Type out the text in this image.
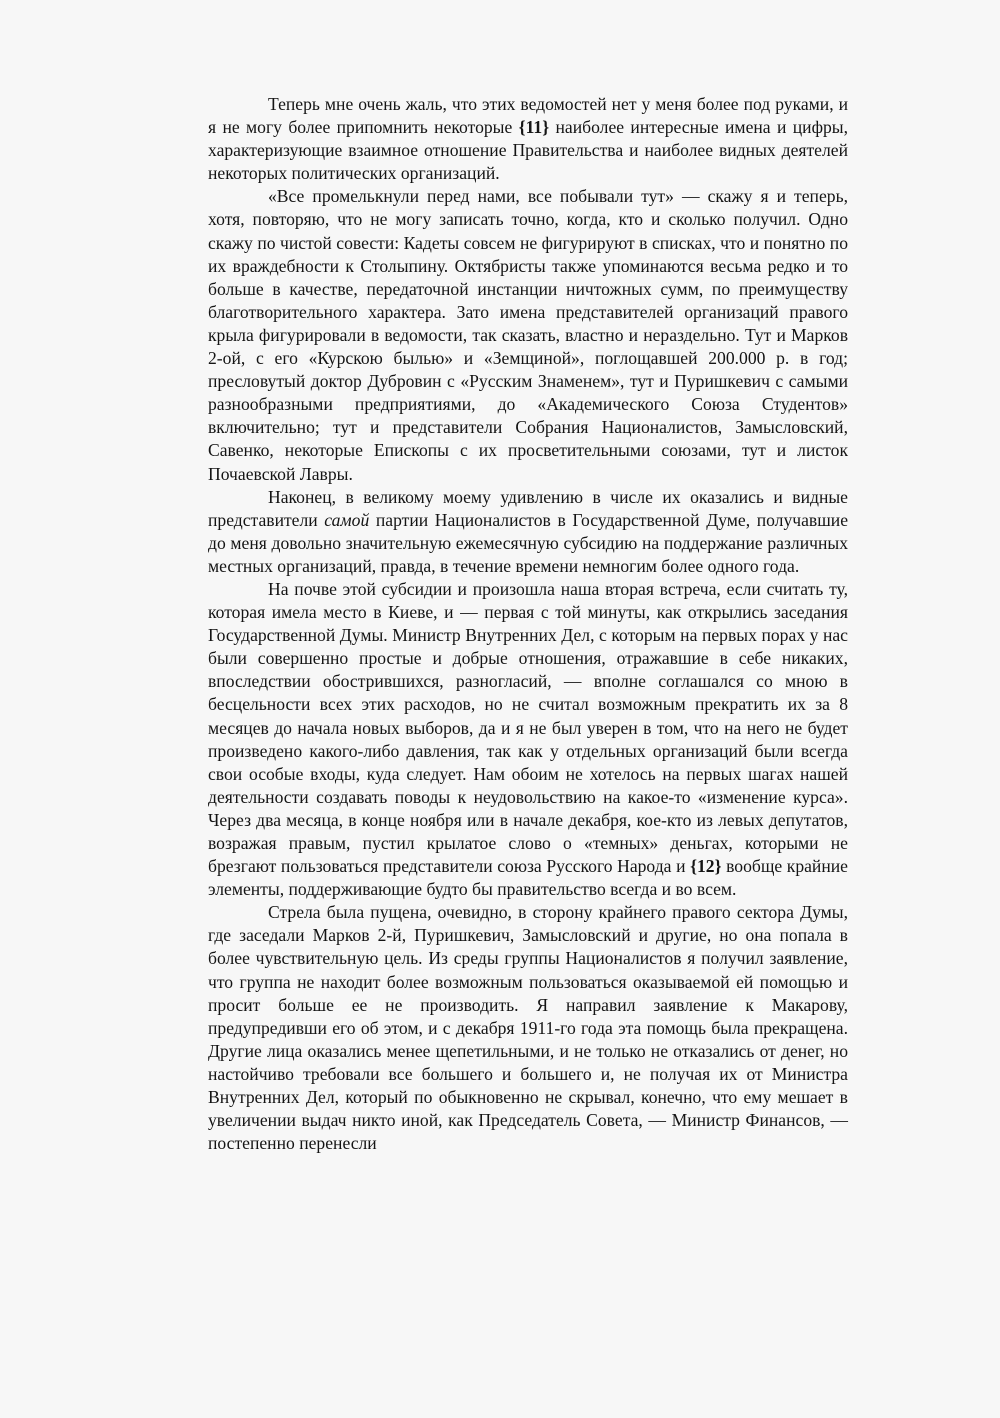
Теперь мне очень жаль, что этих ведомостей нет у меня более под руками, и я не могу более припомнить некоторые {11} наиболее интересные имена и цифры, характеризующие взаимное отношение Правительства и наиболее видных деятелей некоторых политических организаций.

«Все промелькнули перед нами, все побывали тут» — скажу я и теперь, хотя, повторяю, что не могу записать точно, когда, кто и сколько получил. Одно скажу по чистой совести: Кадеты совсем не фигурируют в списках, что и понятно по их враждебности к Столыпину. Октябристы также упоминаются весьма редко и то больше в качестве, передаточной инстанции ничтожных сумм, по преимуществу благотворительного характера. Зато имена представителей организаций правого крыла фигурировали в ведомости, так сказать, властно и нераздельно. Тут и Марков 2-ой, с его «Курскою былью» и «Земщиной», поглощавшей 200.000 р. в год; пресловутый доктор Дубровин с «Русским Знаменем», тут и Пуришкевич с самыми разнообразными предприятиями, до «Академического Союза Студентов» включительно; тут и представители Собрания Националистов, Замысловский, Савенко, некоторые Епископы с их просветительными союзами, тут и листок Почаевской Лавры.

Наконец, в великому моему удивлению в числе их оказались и видные представители самой партии Националистов в Государственной Думе, получавшие до меня довольно значительную ежемесячную субсидию на поддержание различных местных организаций, правда, в течение времени немногим более одного года.

На почве этой субсидии и произошла наша вторая встреча, если считать ту, которая имела место в Киеве, и — первая с той минуты, как открылись заседания Государственной Думы. Министр Внутренних Дел, с которым на первых порах у нас были совершенно простые и добрые отношения, отражавшие в себе никаких, впоследствии обострившихся, разногласий, — вполне соглашался со мною в бесцельности всех этих расходов, но не считал возможным прекратить их за 8 месяцев до начала новых выборов, да и я не был уверен в том, что на него не будет произведено какого-либо давления, так как у отдельных организаций были всегда свои особые входы, куда следует. Нам обоим не хотелось на первых шагах нашей деятельности создавать поводы к неудовольствию на какое-то «изменение курса». Через два месяца, в конце ноября или в начале декабря, кое-кто из левых депутатов, возражая правым, пустил крылатое слово о «темных» деньгах, которыми не брезгают пользоваться представители союза Русского Народа и {12} вообще крайние элементы, поддерживающие будто бы правительство всегда и во всем.

Стрела была пущена, очевидно, в сторону крайнего правого сектора Думы, где заседали Марков 2-й, Пуришкевич, Замысловский и другие, но она попала в более чувствительную цель. Из среды группы Националистов я получил заявление, что группа не находит более возможным пользоваться оказываемой ей помощью и просит больше ее не производить. Я направил заявление к Макарову, предупредивши его об этом, и с декабря 1911-го года эта помощь была прекращена. Другие лица оказались менее щепетильными, и не только не отказались от денег, но настойчиво требовали все большего и большего и, не получая их от Министра Внутренних Дел, который по обыкновенно не скрывал, конечно, что ему мешает в увеличении выдач никто иной, как Председатель Совета, — Министр Финансов, — постепенно перенесли
